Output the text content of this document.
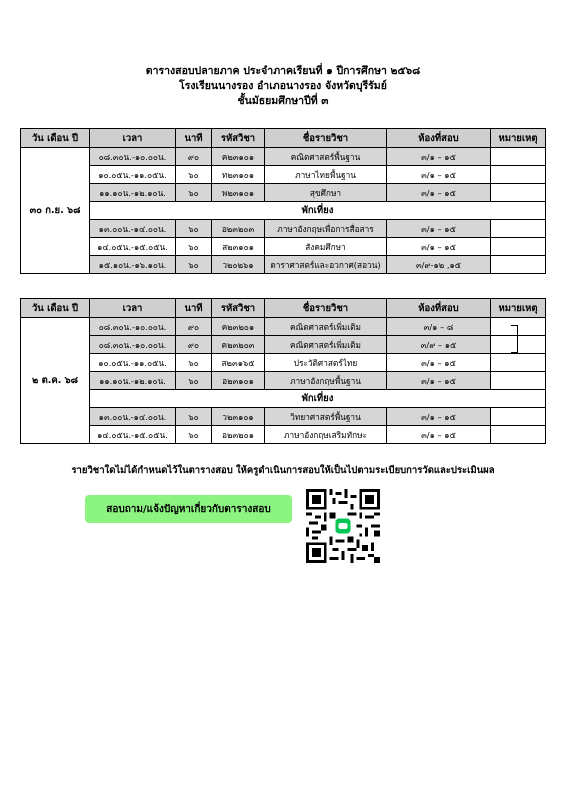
ตารางสอบปลายภาค ประจำภาคเรียนที่ ๑ ปีการศึกษา ๒๕๖๘
โรงเรียนนางรอง อำเภอนางรอง จังหวัดบุรีรัมย์
ชั้นมัธยมศึกษาปีที่ ๓
วัน เดือน ปี	เวลา	นาที	รหัสวิชา	ชื่อรายวิชา	ห้องที่สอบ	หมายเหตุ
๓๐ ก.ย. ๖๘	๐๘.๓๐น.-๑๐.๐๐น.	๙๐	ค๒๓๑๐๑	คณิตศาสตร์พื้นฐาน	๓/๑ – ๑๕	
	๑๐.๐๕น.-๑๑.๐๕น.	๖๐	ท๒๓๑๐๑	ภาษาไทยพื้นฐาน	๓/๑ – ๑๕	
	๑๑.๑๐น.-๑๒.๑๐น.	๖๐	พ๒๓๑๐๑	สุขศึกษา	๓/๑ – ๑๕	
	พักเที่ยง					
	๑๓.๐๐น.-๑๔.๐๐น.	๖๐	อ๒๓๒๐๓	ภาษาอังกฤษเพื่อการสื่อสาร	๓/๑ – ๑๕	
	๑๔.๐๕น.-๑๕.๐๕น.	๖๐	ส๒๓๑๐๑	สังคมศึกษา	๓/๑ – ๑๕	
	๑๕.๑๐น.-๑๖.๑๐น.	๖๐	ว๒๐๒๖๑	ดาราศาสตร์และอวกาศ(สอวน)	๓/๙-๑๒ ,๑๕	
วัน เดือน ปี	เวลา	นาที	รหัสวิชา	ชื่อรายวิชา	ห้องที่สอบ	หมายเหตุ
๒ ต.ค. ๖๘	๐๘.๓๐น.-๑๐.๐๐น.	๙๐	ค๒๓๒๐๑	คณิตศาสตร์เพิ่มเติม	๓/๑ – ๘	
	๐๘.๓๐น.-๑๐.๐๐น.	๙๐	ค๒๓๒๐๓	คณิตศาสตร์เพิ่มเติม	๓/๙ – ๑๕	
	๑๐.๐๕น.-๑๑.๐๕น.	๖๐	ส๒๓๑๖๕	ประวัติศาสตร์ไทย	๓/๑ – ๑๕	
	๑๑.๑๐น.-๑๒.๑๐น.	๖๐	อ๒๓๑๐๑	ภาษาอังกฤษพื้นฐาน	๓/๑ – ๑๕	
	พักเที่ยง					
	๑๓.๐๐น.-๑๔.๐๐น.	๖๐	ว๒๓๑๐๑	วิทยาศาสตร์พื้นฐาน	๓/๑ – ๑๕	
	๑๔.๐๕น.-๑๕.๐๕น.	๖๐	อ๒๓๒๐๑	ภาษาอังกฤษเสริมทักษะ	๓/๑ – ๑๕	
รายวิชาใดไม่ได้กำหนดไว้ในตารางสอบ ให้ครูดำเนินการสอบให้เป็นไปตามระเบียบการวัดและประเมินผล
สอบถาม/แจ้งปัญหาเกี่ยวกับตารางสอบ
